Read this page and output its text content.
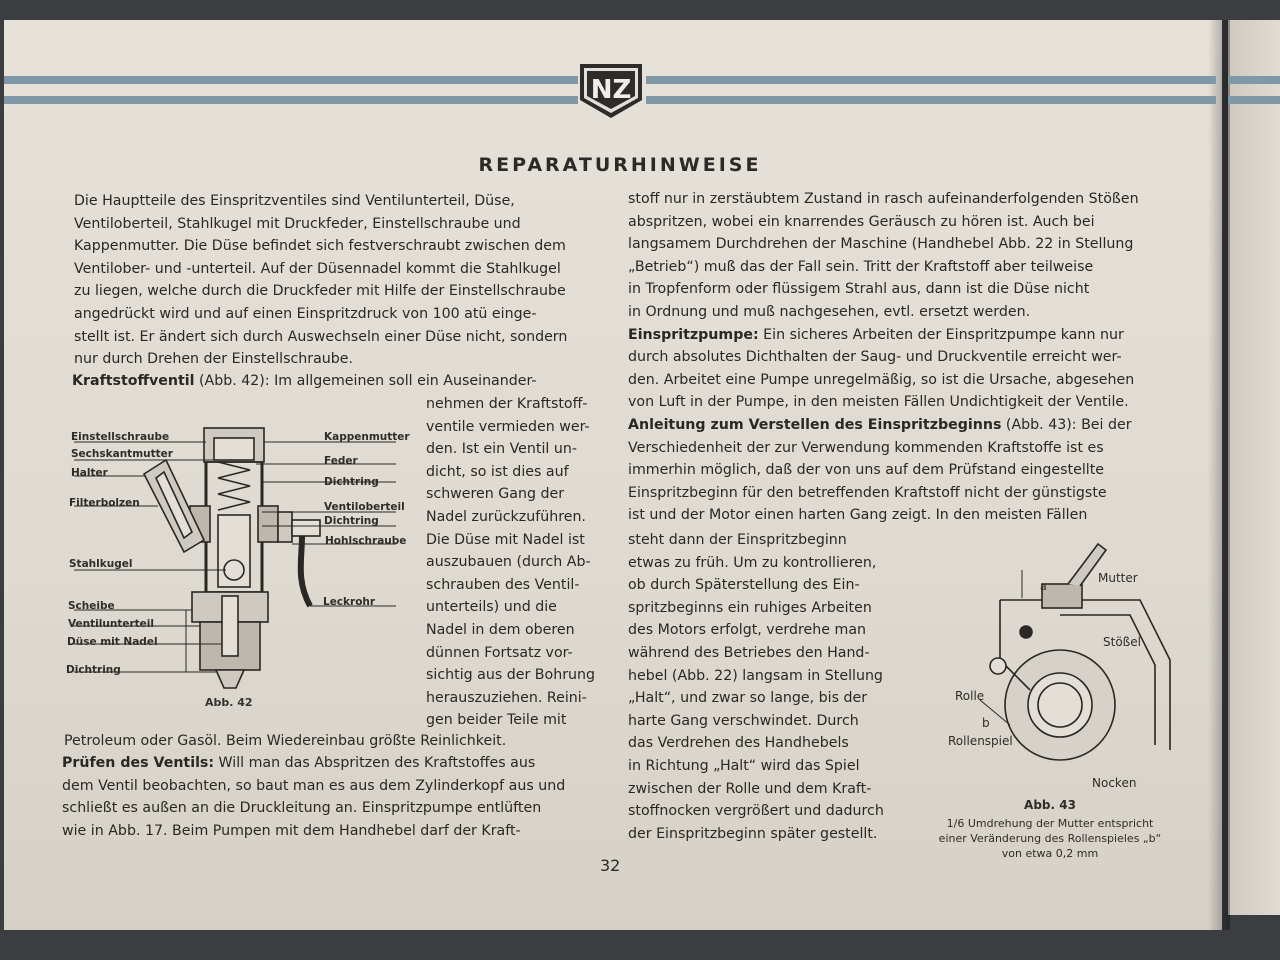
NZ
REPARATURHINWEISE

Die Hauptteile des Einspritzventiles sind Ventilunterteil, Düse,

Ventiloberteil, Stahlkugel mit Druckfeder, Einstellschraube und

Kappenmutter. Die Düse befindet sich festverschraubt zwischen dem

Ventilober- und -unterteil. Auf der Düsennadel kommt die Stahlkugel

zu liegen, welche durch die Druckfeder mit Hilfe der Einstellschraube

angedrückt wird und auf einen Einspritzdruck von 100 atü einge-

stellt ist. Er ändert sich durch Auswechseln einer Düse nicht, sondern

nur durch Drehen der Einstellschraube.

Kraftstoffventil (Abb. 42): Im allgemeinen soll ein Auseinander-

nehmen der Kraftstoff-

ventile vermieden wer-

den. Ist ein Ventil un-

dicht, so ist dies auf

schweren Gang der

Nadel zurückzuführen.

Die Düse mit Nadel ist

auszubauen (durch Ab-

schrauben des Ventil-

unterteils) und die

Nadel in dem oberen

dünnen Fortsatz vor-

sichtig aus der Bohrung

herauszuziehen. Reini-

gen beider Teile mit

Einstellschraube
Sechskantmutter
Halter
Filterbolzen
Stahlkugel
Scheibe
Ventilunterteil
Düse mit Nadel
Dichtring
Kappenmutter
Feder
Dichtring
Ventiloberteil
Dichtring
Hohlschraube
Leckrohr
Abb. 42

Petroleum oder Gasöl. Beim Wiedereinbau größte Reinlichkeit.

Prüfen des Ventils: Will man das Abspritzen des Kraftstoffes aus

dem Ventil beobachten, so baut man es aus dem Zylinderkopf aus und

schließt es außen an die Druckleitung an. Einspritzpumpe entlüften

wie in Abb. 17. Beim Pumpen mit dem Handhebel darf der Kraft-

stoff nur in zerstäubtem Zustand in rasch aufeinanderfolgenden Stößen

abspritzen, wobei ein knarrendes Geräusch zu hören ist. Auch bei

langsamem Durchdrehen der Maschine (Handhebel Abb. 22 in Stellung

„Betrieb“) muß das der Fall sein. Tritt der Kraftstoff aber teilweise

in Tropfenform oder flüssigem Strahl aus, dann ist die Düse nicht

in Ordnung und muß nachgesehen, evtl. ersetzt werden.

Einspritzpumpe: Ein sicheres Arbeiten der Einspritzpumpe kann nur

durch absolutes Dichthalten der Saug- und Druckventile erreicht wer-

den. Arbeitet eine Pumpe unregelmäßig, so ist die Ursache, abgesehen

von Luft in der Pumpe, in den meisten Fällen Undichtigkeit der Ventile.

Anleitung zum Verstellen des Einspritzbeginns (Abb. 43): Bei der

Verschiedenheit der zur Verwendung kommenden Kraftstoffe ist es

immerhin möglich, daß der von uns auf dem Prüfstand eingestellte

Einspritzbeginn für den betreffenden Kraftstoff nicht der günstigste

ist und der Motor einen harten Gang zeigt. In den meisten Fällen

steht dann der Einspritzbeginn

etwas zu früh. Um zu kontrollieren,

ob durch Späterstellung des Ein-

spritzbeginns ein ruhiges Arbeiten

des Motors erfolgt, verdrehe man

während des Betriebes den Hand-

hebel (Abb. 22) langsam in Stellung

„Halt“, und zwar so lange, bis der

harte Gang verschwindet. Durch

das Verdrehen des Handhebels

in Richtung „Halt“ wird das Spiel

zwischen der Rolle und dem Kraft-

stoffnocken vergrößert und dadurch

der Einspritzbeginn später gestellt.

Mutter
Stößel
Rolle
b
Rollenspiel
Nocken
a
Abb. 43
1/6 Umdrehung der Mutter entspricht
einer Veränderung des Rollenspieles „b“
von etwa 0,2 mm
32
